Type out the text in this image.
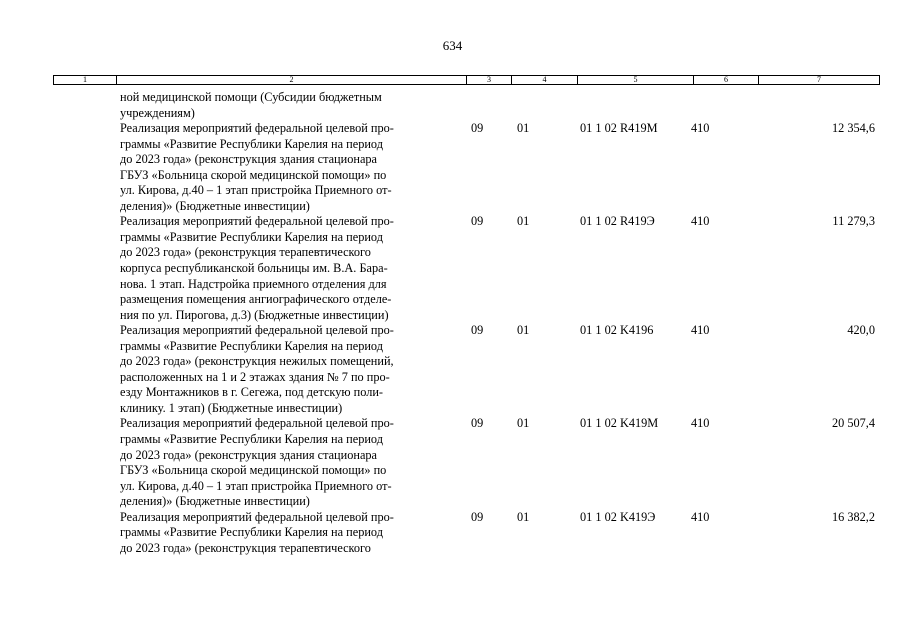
634
1	2	3	4	5	6	7
ной медицинской помощи (Субсидии бюджетным
учреждениям)
Реализация мероприятий федеральной целевой про-
граммы «Развитие Республики Карелия на период
до 2023 года» (реконструкция здания стационара
ГБУЗ «Больница скорой медицинской помощи» по
ул. Кирова, д.40 – 1 этап пристройка Приемного от-
деления)» (Бюджетные инвестиции)
09	01	01 1 02 R419M	410	12 354,6
Реализация мероприятий федеральной целевой про-
граммы «Развитие Республики Карелия на период
до 2023 года» (реконструкция терапевтического
корпуса республиканской больницы им. В.А. Бара-
нова. 1 этап. Надстройка приемного отделения для
размещения помещения ангиографического отделе-
ния по ул. Пирогова, д.3) (Бюджетные инвестиции)
09	01	01 1 02 R419Э	410	11 279,3
Реализация мероприятий федеральной целевой про-
граммы «Развитие Республики Карелия на период
до 2023 года» (реконструкция нежилых помещений,
расположенных на 1 и 2 этажах здания № 7 по про-
езду Монтажников в г. Сегежа, под детскую поли-
клинику. 1 этап) (Бюджетные инвестиции)
09	01	01 1 02 K4196	410	420,0
Реализация мероприятий федеральной целевой про-
граммы «Развитие Республики Карелия на период
до 2023 года» (реконструкция здания стационара
ГБУЗ «Больница скорой медицинской помощи» по
ул. Кирова, д.40 – 1 этап пристройка Приемного от-
деления)» (Бюджетные инвестиции)
09	01	01 1 02 K419M	410	20 507,4
Реализация мероприятий федеральной целевой про-
граммы «Развитие Республики Карелия на период
до 2023 года» (реконструкция терапевтического
09	01	01 1 02 K419Э	410	16 382,2
